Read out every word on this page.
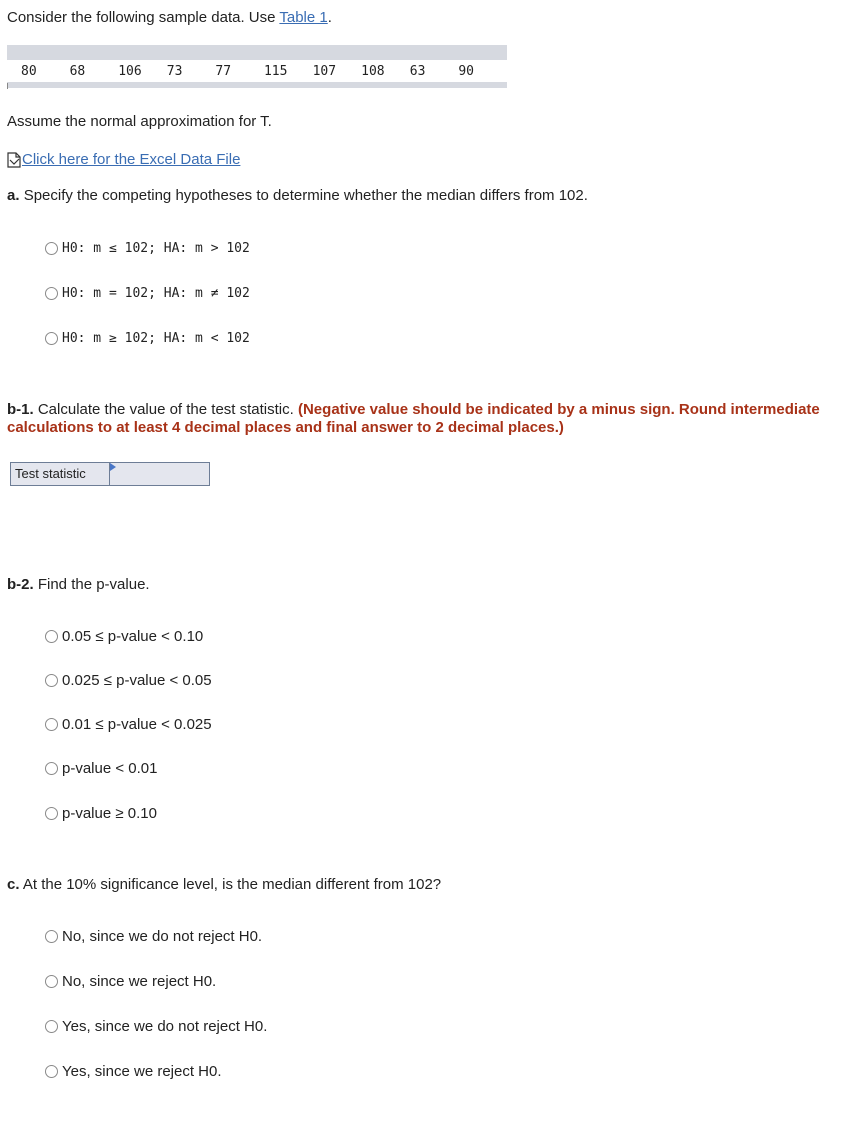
Consider the following sample data. Use Table 1.
80	68	106	73	77	115	107	108	63	90
Assume the normal approximation for T.
Click here for the Excel Data File
a. Specify the competing hypotheses to determine whether the median differs from 102.
H0: m ≤ 102; HA: m > 102
H0: m = 102; HA: m ≠ 102
H0: m ≥ 102; HA: m < 102
b-1. Calculate the value of the test statistic. (Negative value should be indicated by a minus sign. Round intermediate calculations to at least 4 decimal places and final answer to 2 decimal places.)
Test statistic
b-2. Find the p-value.
0.05 ≤ p-value < 0.10
0.025 ≤ p-value < 0.05
0.01 ≤ p-value < 0.025
p-value < 0.01
p-value ≥ 0.10
c. At the 10% significance level, is the median different from 102?
No, since we do not reject H0.
No, since we reject H0.
Yes, since we do not reject H0.
Yes, since we reject H0.
